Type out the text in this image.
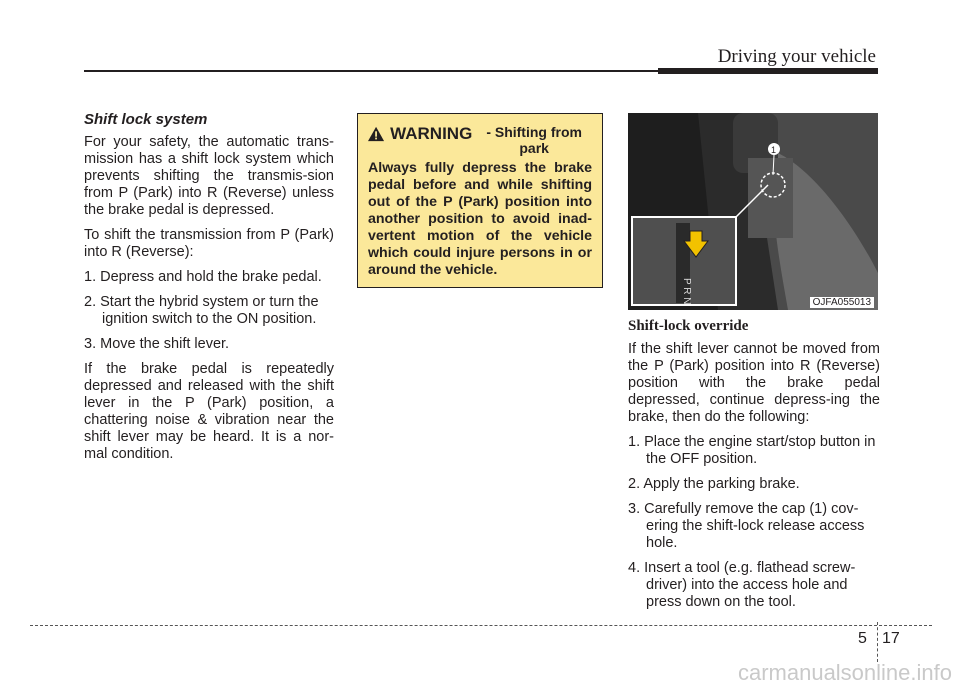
Driving your vehicle

Shift lock system

For your safety, the automatic trans-mission has a shift lock system which prevents shifting the transmis-sion from P (Park) into R (Reverse) unless the brake pedal is depressed.

To shift the transmission from P (Park) into R (Reverse):

1. Depress and hold the brake pedal.

2. Start the hybrid system or turn the ignition switch to the ON position.

3. Move the shift lever.

If the brake pedal is repeatedly depressed and released with the shift lever in the P (Park) position, a chattering noise & vibration near the shift lever may be heard. It is a nor-mal condition.

WARNING	- Shifting from park
Always fully depress the brake pedal before and while shifting out of the P (Park) position into another position to avoid inad-vertent motion of the vehicle which could injure persons in or around the vehicle.
1
P R N	OJFA055013

Shift-lock override

If the shift lever cannot be moved from the P (Park) position into R (Reverse) position with the brake pedal depressed, continue depress-ing the brake, then do the following:

1. Place the engine start/stop button in the OFF position.

2. Apply the parking brake.

3. Carefully remove the cap (1) cov-ering the shift-lock release access hole.

4. Insert a tool (e.g. flathead screw-driver) into the access hole and press down on the tool.

5 17
carmanualsonline.info
